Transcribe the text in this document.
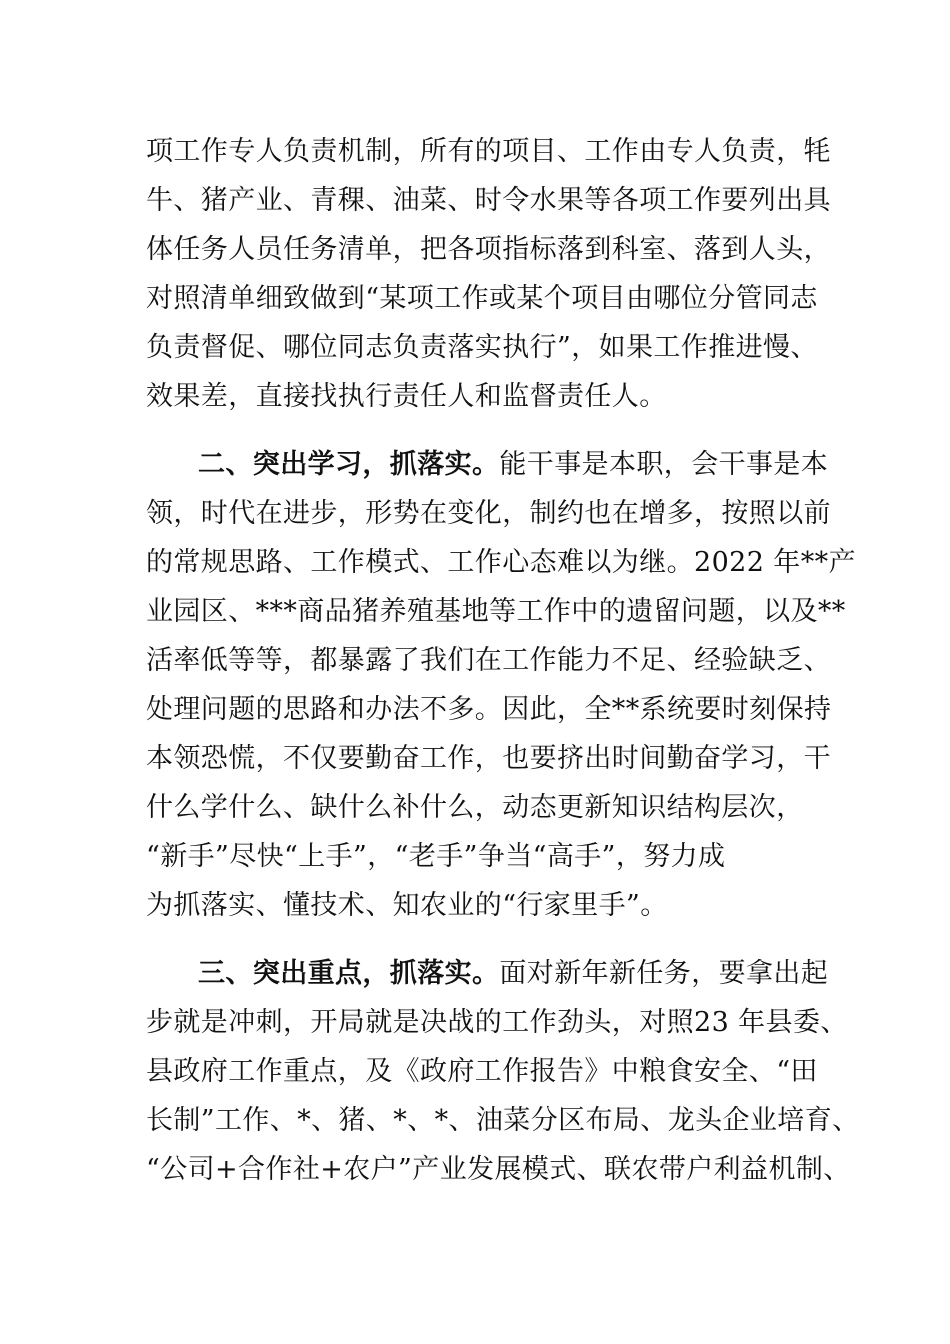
项工作专人负责机制，所有的项目、工作由专人负责，牦
牛、猪产业、青稞、油菜、时令水果等各项工作要列出具
体任务人员任务清单，把各项指标落到科室、落到人头，
对照清单细致做到“某项工作或某个项目由哪位分管同志
负责督促、哪位同志负责落实执行”，如果工作推进慢、
效果差，直接找执行责任人和监督责任人。
二、突出学习，抓落实。能干事是本职，会干事是本
领，时代在进步，形势在变化，制约也在增多，按照以前
的常规思路、工作模式、工作心态难以为继。2022 年**产
业园区、***商品猪养殖基地等工作中的遗留问题，以及**
活率低等等，都暴露了我们在工作能力不足、经验缺乏、
处理问题的思路和办法不多。因此，全**系统要时刻保持
本领恐慌，不仅要勤奋工作，也要挤出时间勤奋学习，干
什么学什么、缺什么补什么，动态更新知识结构层次，
“新手”尽快“上手”，“老手”争当“高手”，努力成
为抓落实、懂技术、知农业的“行家里手”。
三、突出重点，抓落实。面对新年新任务，要拿出起
步就是冲刺，开局就是决战的工作劲头，对照23 年县委、
县政府工作重点，及《政府工作报告》中粮食安全、“田
长制”工作、*、猪、*、*、油菜分区布局、龙头企业培育、
“公司+合作社+农户”产业发展模式、联农带户利益机制、
